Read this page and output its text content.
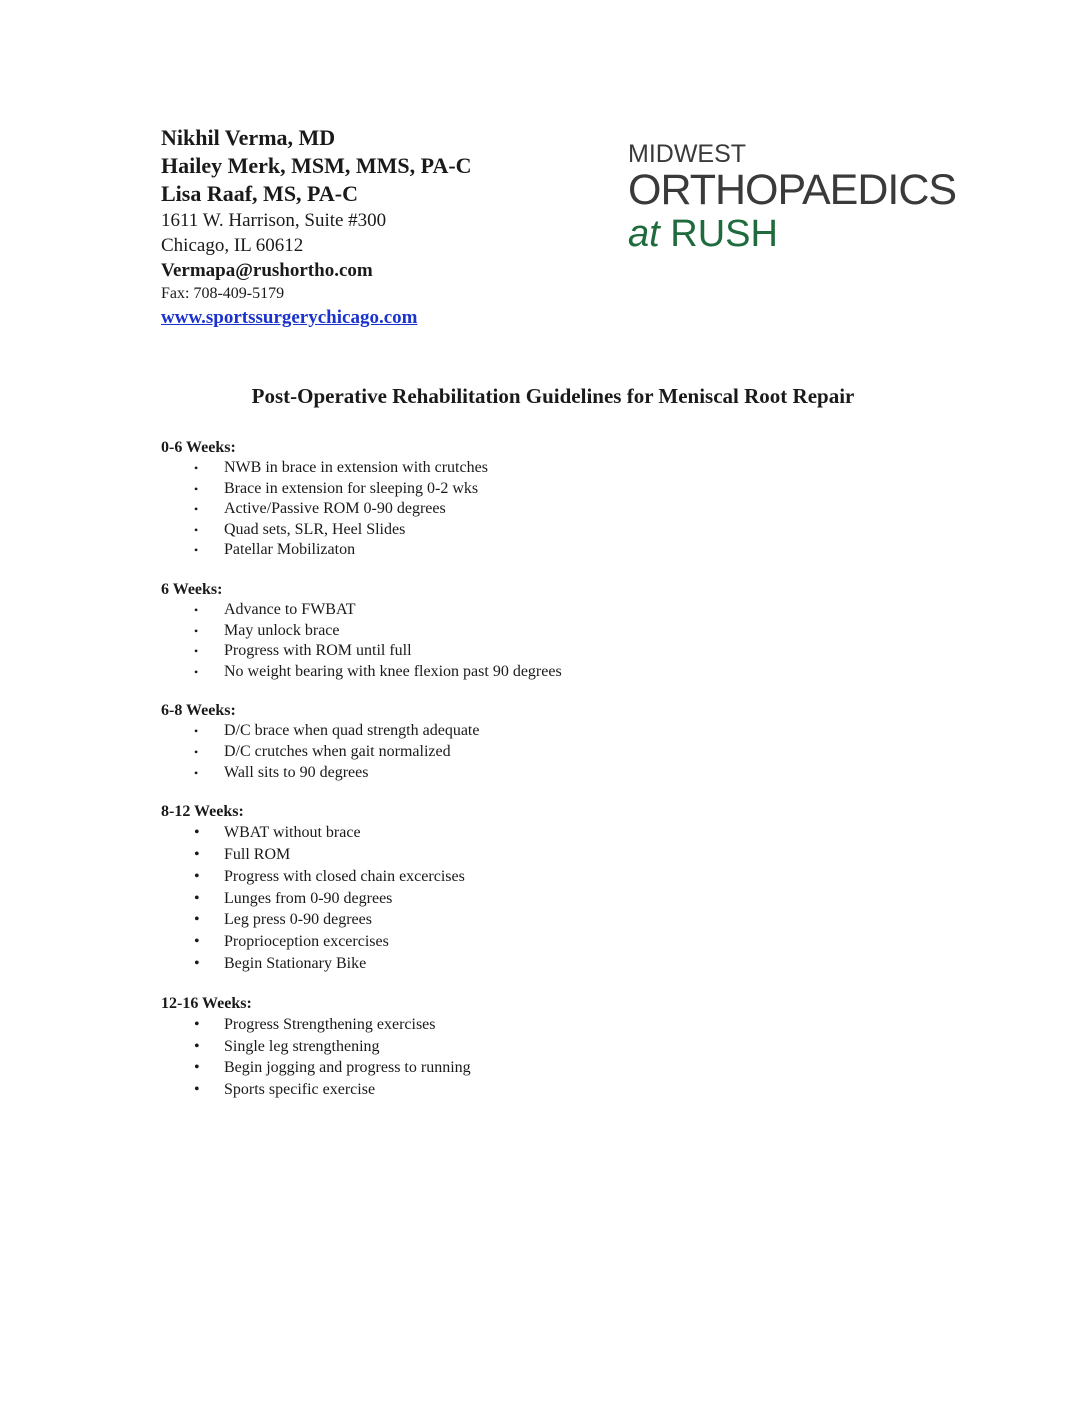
Nikhil Verma, MD
Hailey Merk, MSM, MMS, PA-C
Lisa Raaf, MS, PA-C
1611 W. Harrison, Suite #300
Chicago, IL 60612
Vermapa@rushortho.com
Fax: 708-409-5179
www.sportssurgerychicago.com
MIDWEST
ORTHOPAEDICS
at RUSH
Post-Operative Rehabilitation Guidelines for Meniscal Root Repair
0-6 Weeks:
• NWB in brace in extension with crutches
• Brace in extension for sleeping 0-2 wks
• Active/Passive ROM 0-90 degrees
• Quad sets, SLR, Heel Slides
• Patellar Mobilizaton
6 Weeks:
• Advance to FWBAT
• May unlock brace
• Progress with ROM until full
• No weight bearing with knee flexion past 90 degrees
6-8 Weeks:
• D/C brace when quad strength adequate
• D/C crutches when gait normalized
• Wall sits to 90 degrees
8-12 Weeks:
• WBAT without brace
• Full ROM
• Progress with closed chain excercises
• Lunges from 0-90 degrees
• Leg press 0-90 degrees
• Proprioception excercises
• Begin Stationary Bike
12-16 Weeks:
• Progress Strengthening exercises
• Single leg strengthening
• Begin jogging and progress to running
• Sports specific exercise
